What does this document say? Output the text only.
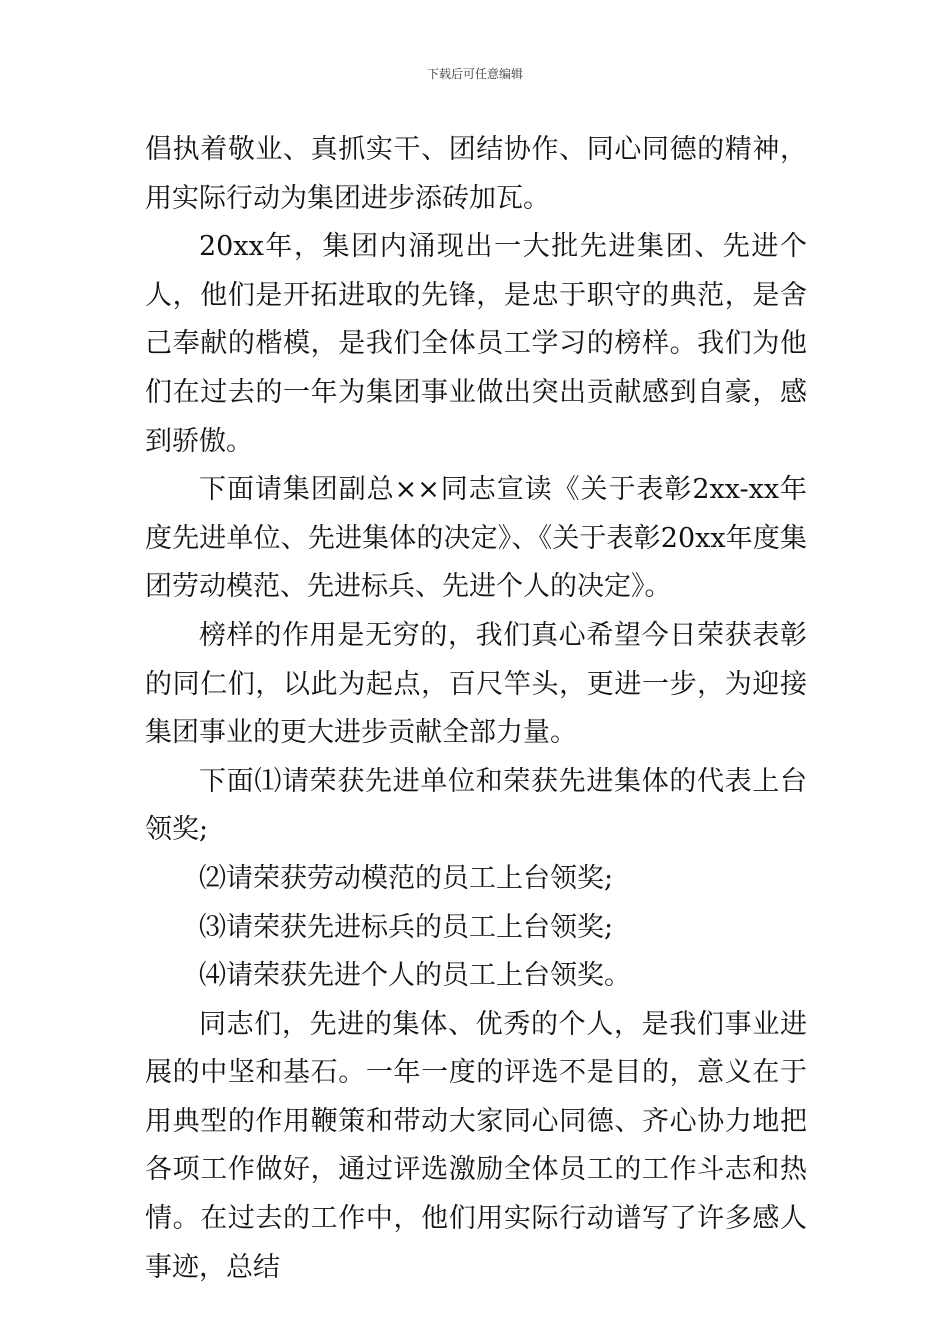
下载后可任意编辑

倡执着敬业、真抓实干、团结协作、同心同德的精神，用实际行动为集团进步添砖加瓦。

20xx年，集团内涌现出一大批先进集团、先进个人，他们是开拓进取的先锋，是忠于职守的典范，是舍己奉献的楷模，是我们全体员工学习的榜样。我们为他们在过去的一年为集团事业做出突出贡献感到自豪，感到骄傲。

下面请集团副总××同志宣读《关于表彰2xx-xx年度先进单位、先进集体的决定》、《关于表彰20xx年度集团劳动模范、先进标兵、先进个人的决定》。

榜样的作用是无穷的，我们真心希望今日荣获表彰的同仁们，以此为起点，百尺竿头，更进一步，为迎接集团事业的更大进步贡献全部力量。

下面⑴请荣获先进单位和荣获先进集体的代表上台领奖;

⑵请荣获劳动模范的员工上台领奖;

⑶请荣获先进标兵的员工上台领奖;

⑷请荣获先进个人的员工上台领奖。

同志们，先进的集体、优秀的个人，是我们事业进展的中坚和基石。一年一度的评选不是目的，意义在于用典型的作用鞭策和带动大家同心同德、齐心协力地把各项工作做好，通过评选激励全体员工的工作斗志和热情。在过去的工作中，他们用实际行动谱写了许多感人事迹，总结
